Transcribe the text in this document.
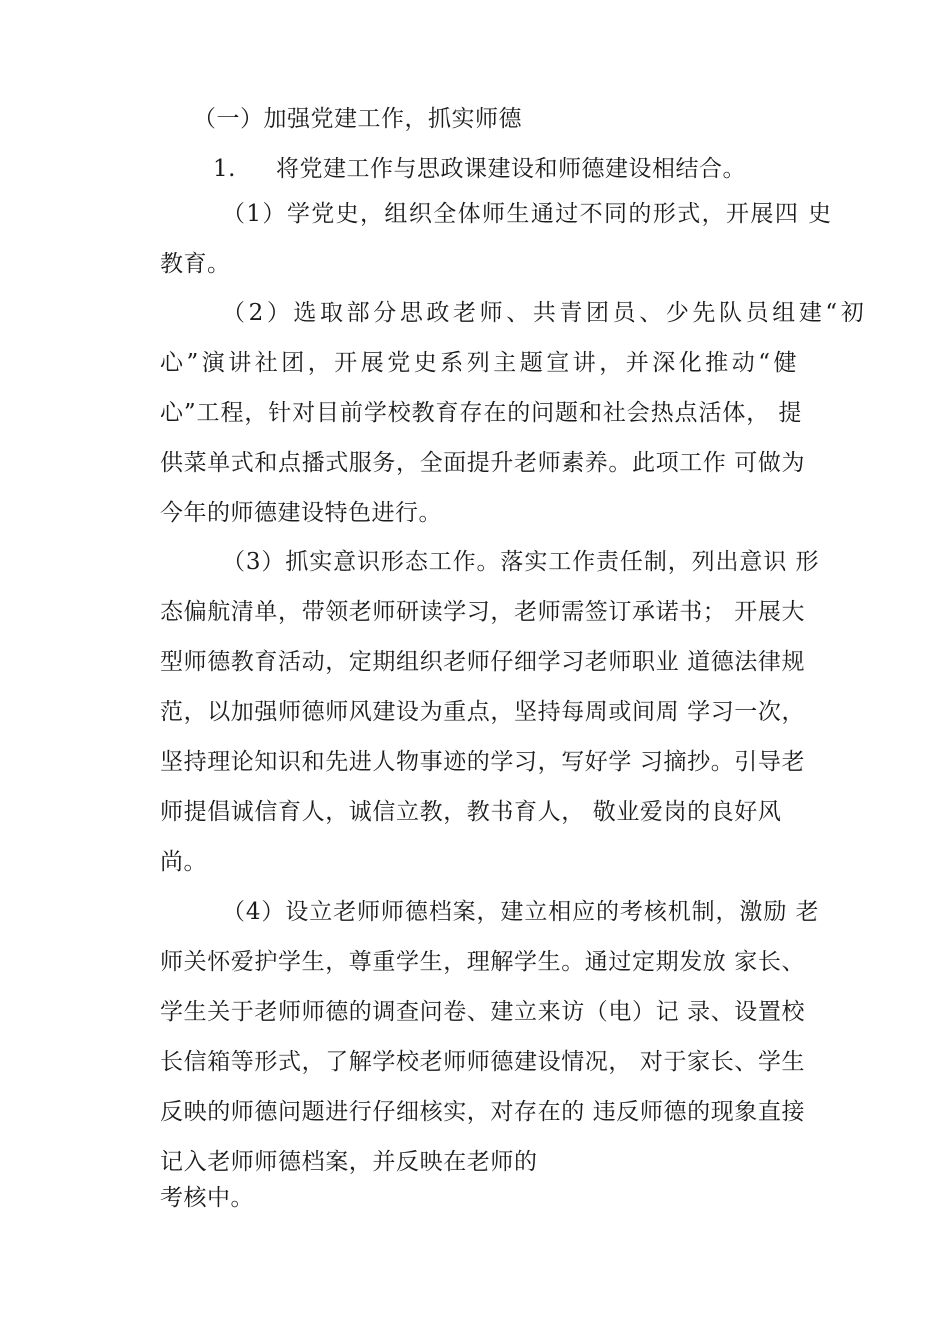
（一）加强党建工作，抓实师德
1. 将党建工作与思政课建设和师德建设相结合。
（1）学党史，组织全体师生通过不同的形式，开展四 史
教育。
（2）选取部分思政老师、共青团员、少先队员组建“初
心”演讲社团，开展党史系列主题宣讲，并深化推动“健
心”工程，针对目前学校教育存在的问题和社会热点活体， 提
供菜单式和点播式服务，全面提升老师素养。此项工作 可做为
今年的师德建设特色进行。
（3）抓实意识形态工作。落实工作责任制，列出意识 形
态偏航清单，带领老师研读学习，老师需签订承诺书； 开展大
型师德教育活动，定期组织老师仔细学习老师职业 道德法律规
范，以加强师德师风建设为重点，坚持每周或间周 学习一次，
坚持理论知识和先进人物事迹的学习，写好学 习摘抄。引导老
师提倡诚信育人，诚信立教，教书育人， 敬业爱岗的良好风
尚。
（4）设立老师师德档案，建立相应的考核机制，激励 老
师关怀爱护学生，尊重学生，理解学生。通过定期发放 家长、
学生关于老师师德的调查问卷、建立来访（电）记 录、设置校
长信箱等形式，了解学校老师师德建设情况， 对于家长、学生
反映的师德问题进行仔细核实，对存在的 违反师德的现象直接
记入老师师德档案，并反映在老师的
考核中。
